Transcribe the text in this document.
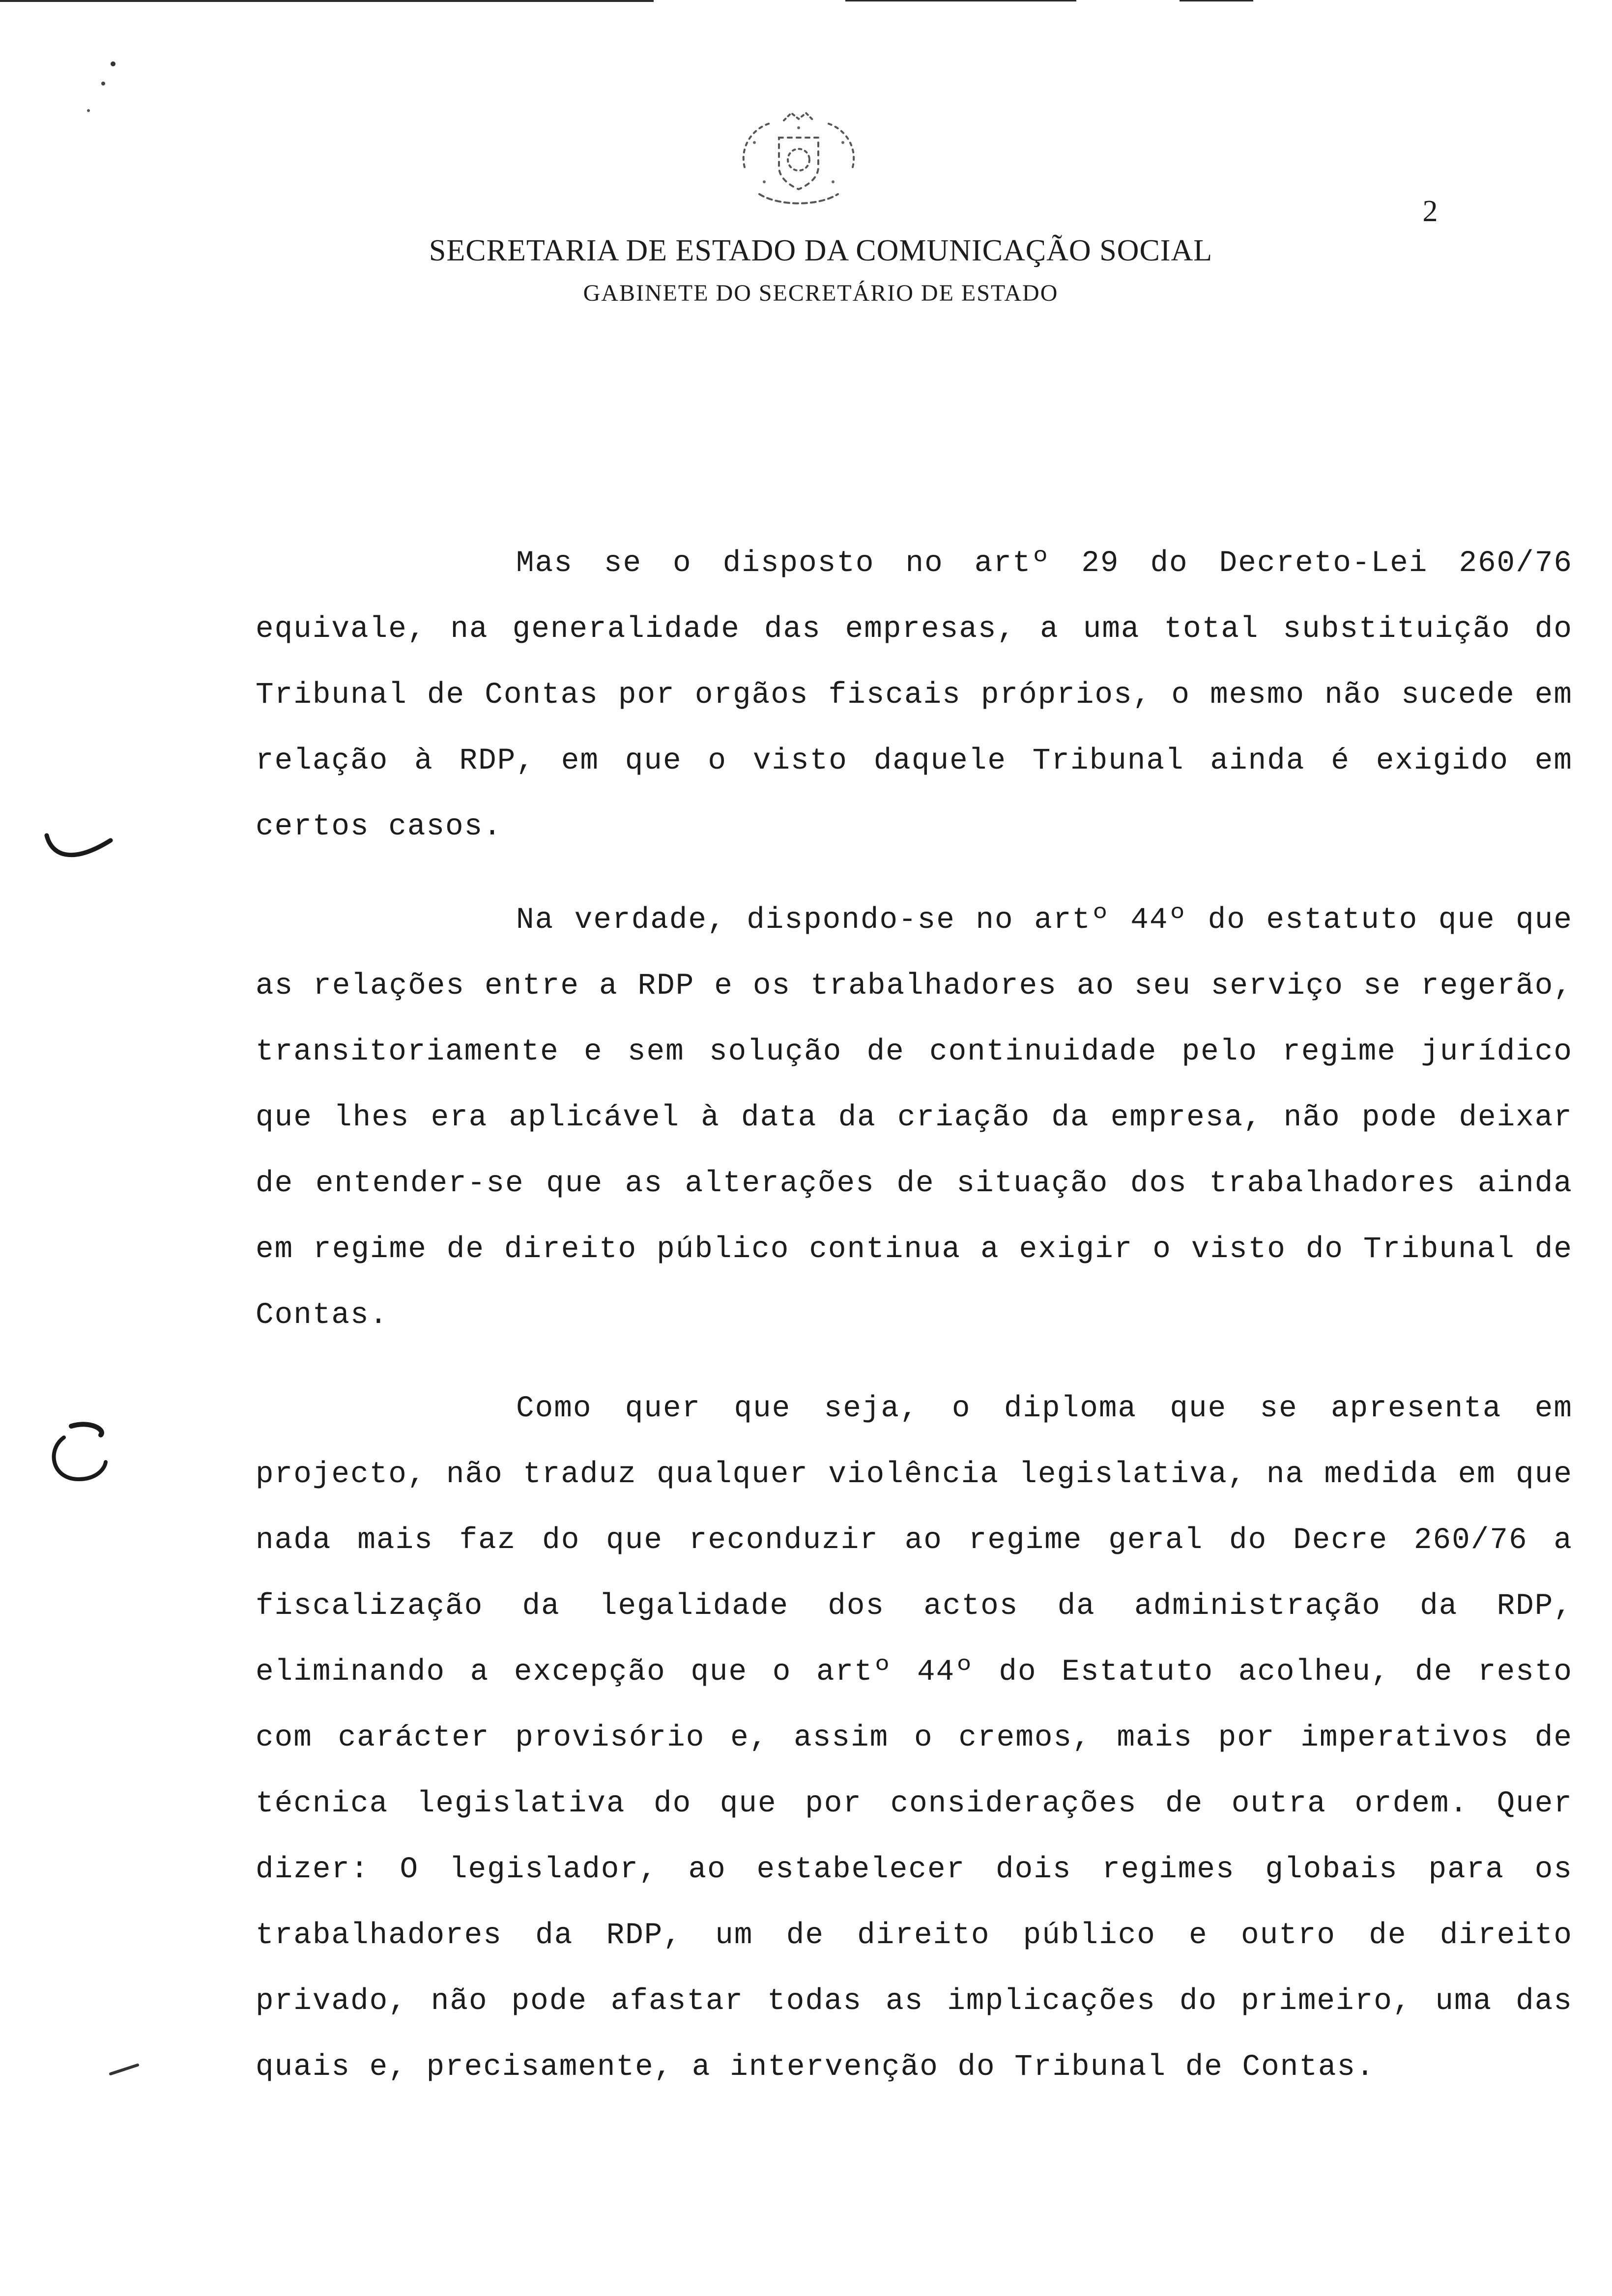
2
SECRETARIA DE ESTADO DA COMUNICAÇÃO SOCIAL
GABINETE DO SECRETÁRIO DE ESTADO

Mas se o disposto no artº 29 do Decreto-Lei 260/76 equivale, na generalidade das empresas, a uma total substituição do Tribunal de Contas por orgãos fiscais próprios, o mesmo não sucede em relação à RDP, em que o visto daquele Tribunal ainda é exigido em certos casos.

Na verdade, dispondo-se no artº 44º do estatuto que que as relações entre a RDP e os trabalhadores ao seu serviço se regerão, transitoriamente e sem solução de continuidade pelo regime jurídico que lhes era aplicável à data da criação da empresa, não pode deixar de entender-se que as alterações de situação dos trabalhadores ainda em regime de direito público continua a exigir o visto do Tribunal de Contas.

Como quer que seja, o diploma que se apresenta em projecto, não traduz qualquer violência legislativa, na medida em que nada mais faz do que reconduzir ao regime geral do Decre 260/76 a fiscalização da legalidade dos actos da administração da RDP, eliminando a excepção que o artº 44º do Estatuto acolheu, de resto com carácter provisório e, assim o cremos, mais por imperativos de técnica legislativa do que por considerações de outra ordem. Quer dizer: O legislador, ao estabelecer dois regimes globais para os trabalhadores da RDP, um de direito público e outro de direito privado, não pode afastar todas as implicações do primeiro, uma das quais e, precisamente, a intervenção do Tribunal de Contas.
